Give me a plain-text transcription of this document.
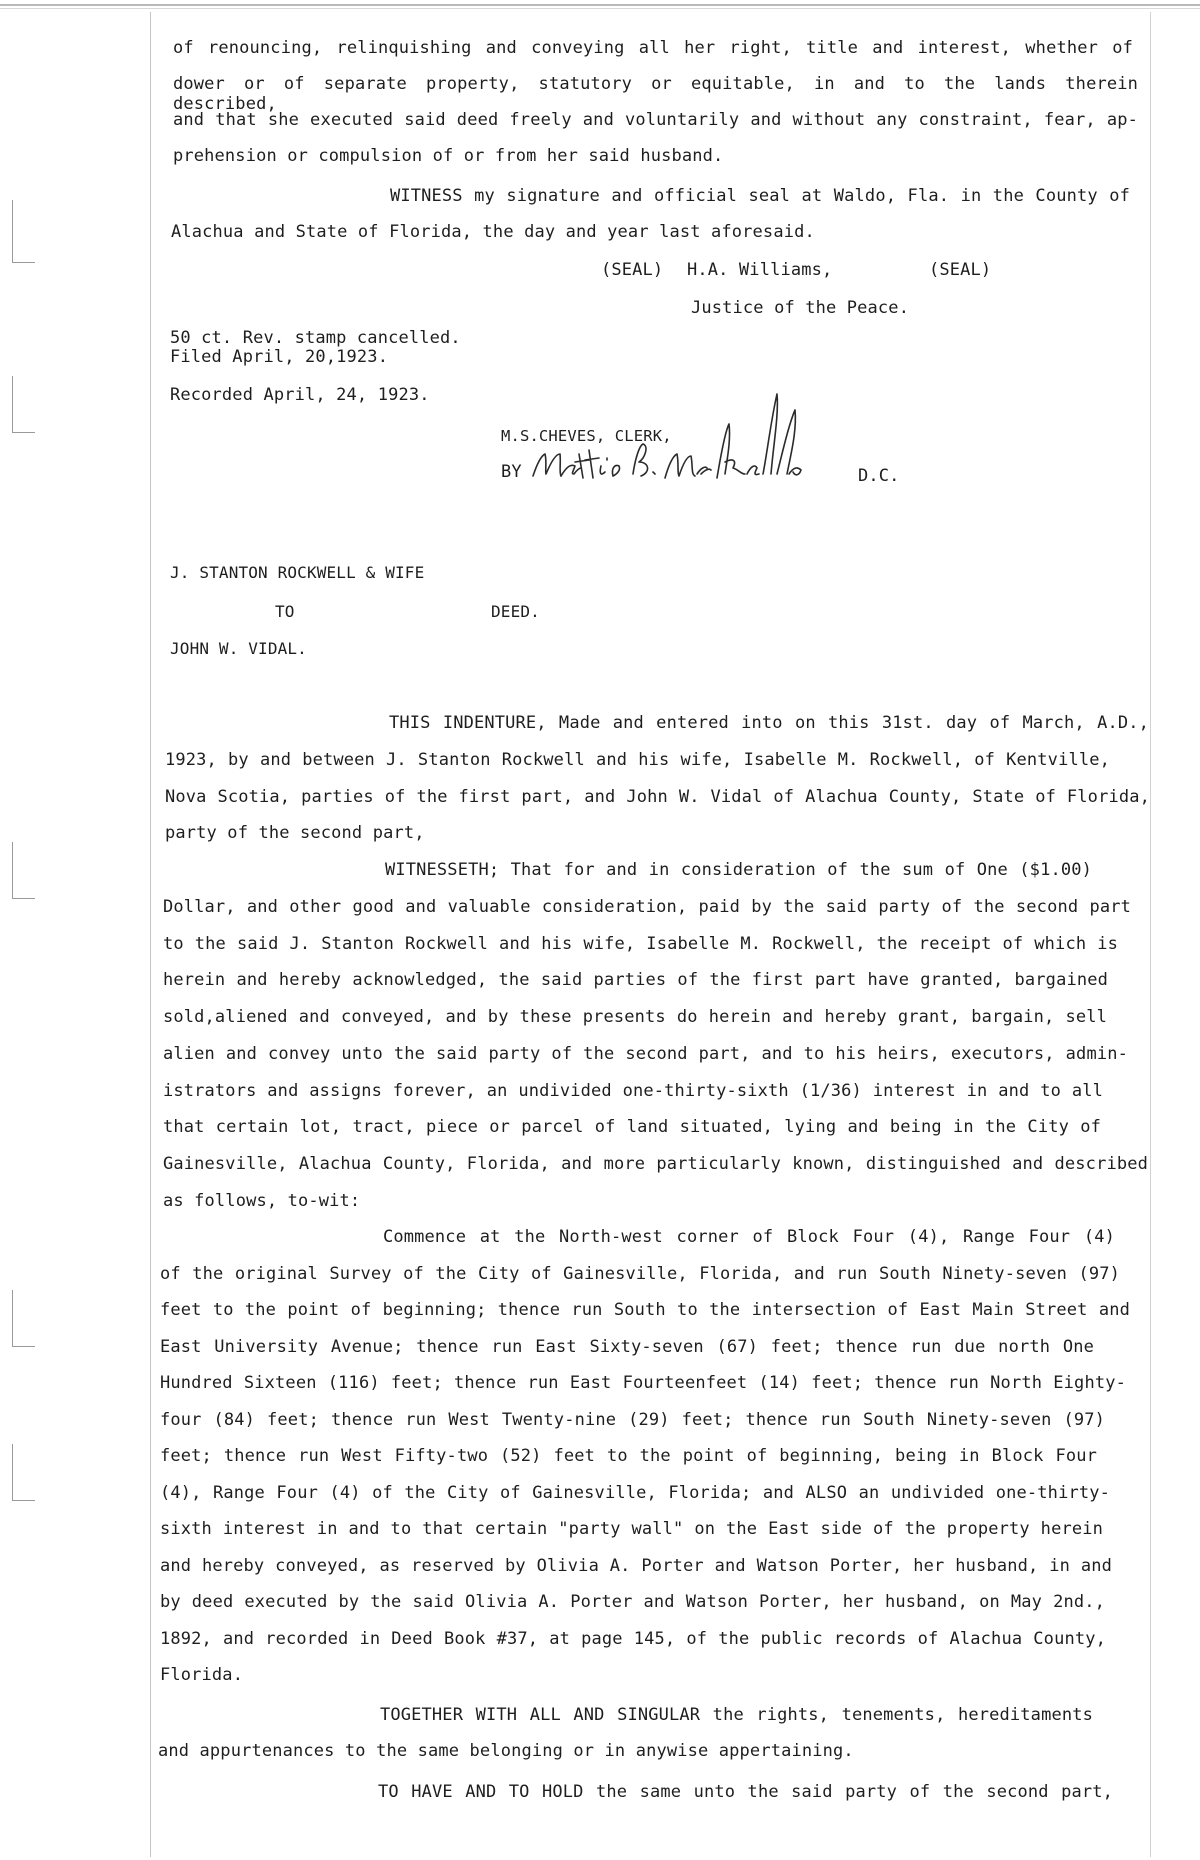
of renouncing, relinquishing and conveying all her right, title and interest, whether of
dower or of separate property, statutory or equitable, in and to the lands therein described,
and that she executed said deed freely and voluntarily and without any constraint, fear, ap-
prehension or compulsion of or from her said husband.
WITNESS my signature and official seal at Waldo, Fla. in the County of
Alachua and State of Florida, the day and year last aforesaid.
(SEAL) H.A. Williams,	(SEAL)
Justice of the Peace.
50 ct. Rev. stamp cancelled.
Filed April, 20,1923.
Recorded April, 24, 1923.
M.S.CHEVES, CLERK,
BY	D.C.
J. STANTON ROCKWELL & WIFE
TO	DEED.
JOHN W. VIDAL.
THIS INDENTURE, Made and entered into on this 31st. day of March, A.D.,
1923, by and between J. Stanton Rockwell and his wife, Isabelle M. Rockwell, of Kentville,
Nova Scotia, parties of the first part, and John W. Vidal of Alachua County, State of Florida,
party of the second part,
WITNESSETH; That for and in consideration of the sum of One ($1.00)
Dollar, and other good and valuable consideration, paid by the said party of the second part
to the said J. Stanton Rockwell and his wife, Isabelle M. Rockwell, the receipt of which is
herein and hereby acknowledged, the said parties of the first part have granted, bargained
sold,aliened and conveyed, and by these presents do herein and hereby grant, bargain, sell
alien and convey unto the said party of the second part, and to his heirs, executors, admin-
istrators and assigns forever, an undivided one-thirty-sixth (1/36) interest in and to all
that certain lot, tract, piece or parcel of land situated, lying and being in the City of
Gainesville, Alachua County, Florida, and more particularly known, distinguished and described
as follows, to-wit:
Commence at the North-west corner of Block Four (4), Range Four (4)
of the original Survey of the City of Gainesville, Florida, and run South Ninety-seven (97)
feet to the point of beginning; thence run South to the intersection of East Main Street and
East University Avenue; thence run East Sixty-seven (67) feet; thence run due north One
Hundred Sixteen (116) feet; thence run East Fourteenfeet (14) feet; thence run North Eighty-
four (84) feet; thence run West Twenty-nine (29) feet; thence run South Ninety-seven (97)
feet; thence run West Fifty-two (52) feet to the point of beginning, being in Block Four
(4), Range Four (4) of the City of Gainesville, Florida; and ALSO an undivided one-thirty-
sixth interest in and to that certain "party wall" on the East side of the property herein
and hereby conveyed, as reserved by Olivia A. Porter and Watson Porter, her husband, in and
by deed executed by the said Olivia A. Porter and Watson Porter, her husband, on May 2nd.,
1892, and recorded in Deed Book #37, at page 145, of the public records of Alachua County,
Florida.
TOGETHER WITH ALL AND SINGULAR the rights, tenements, hereditaments
and appurtenances to the same belonging or in anywise appertaining.
TO HAVE AND TO HOLD the same unto the said party of the second part,
